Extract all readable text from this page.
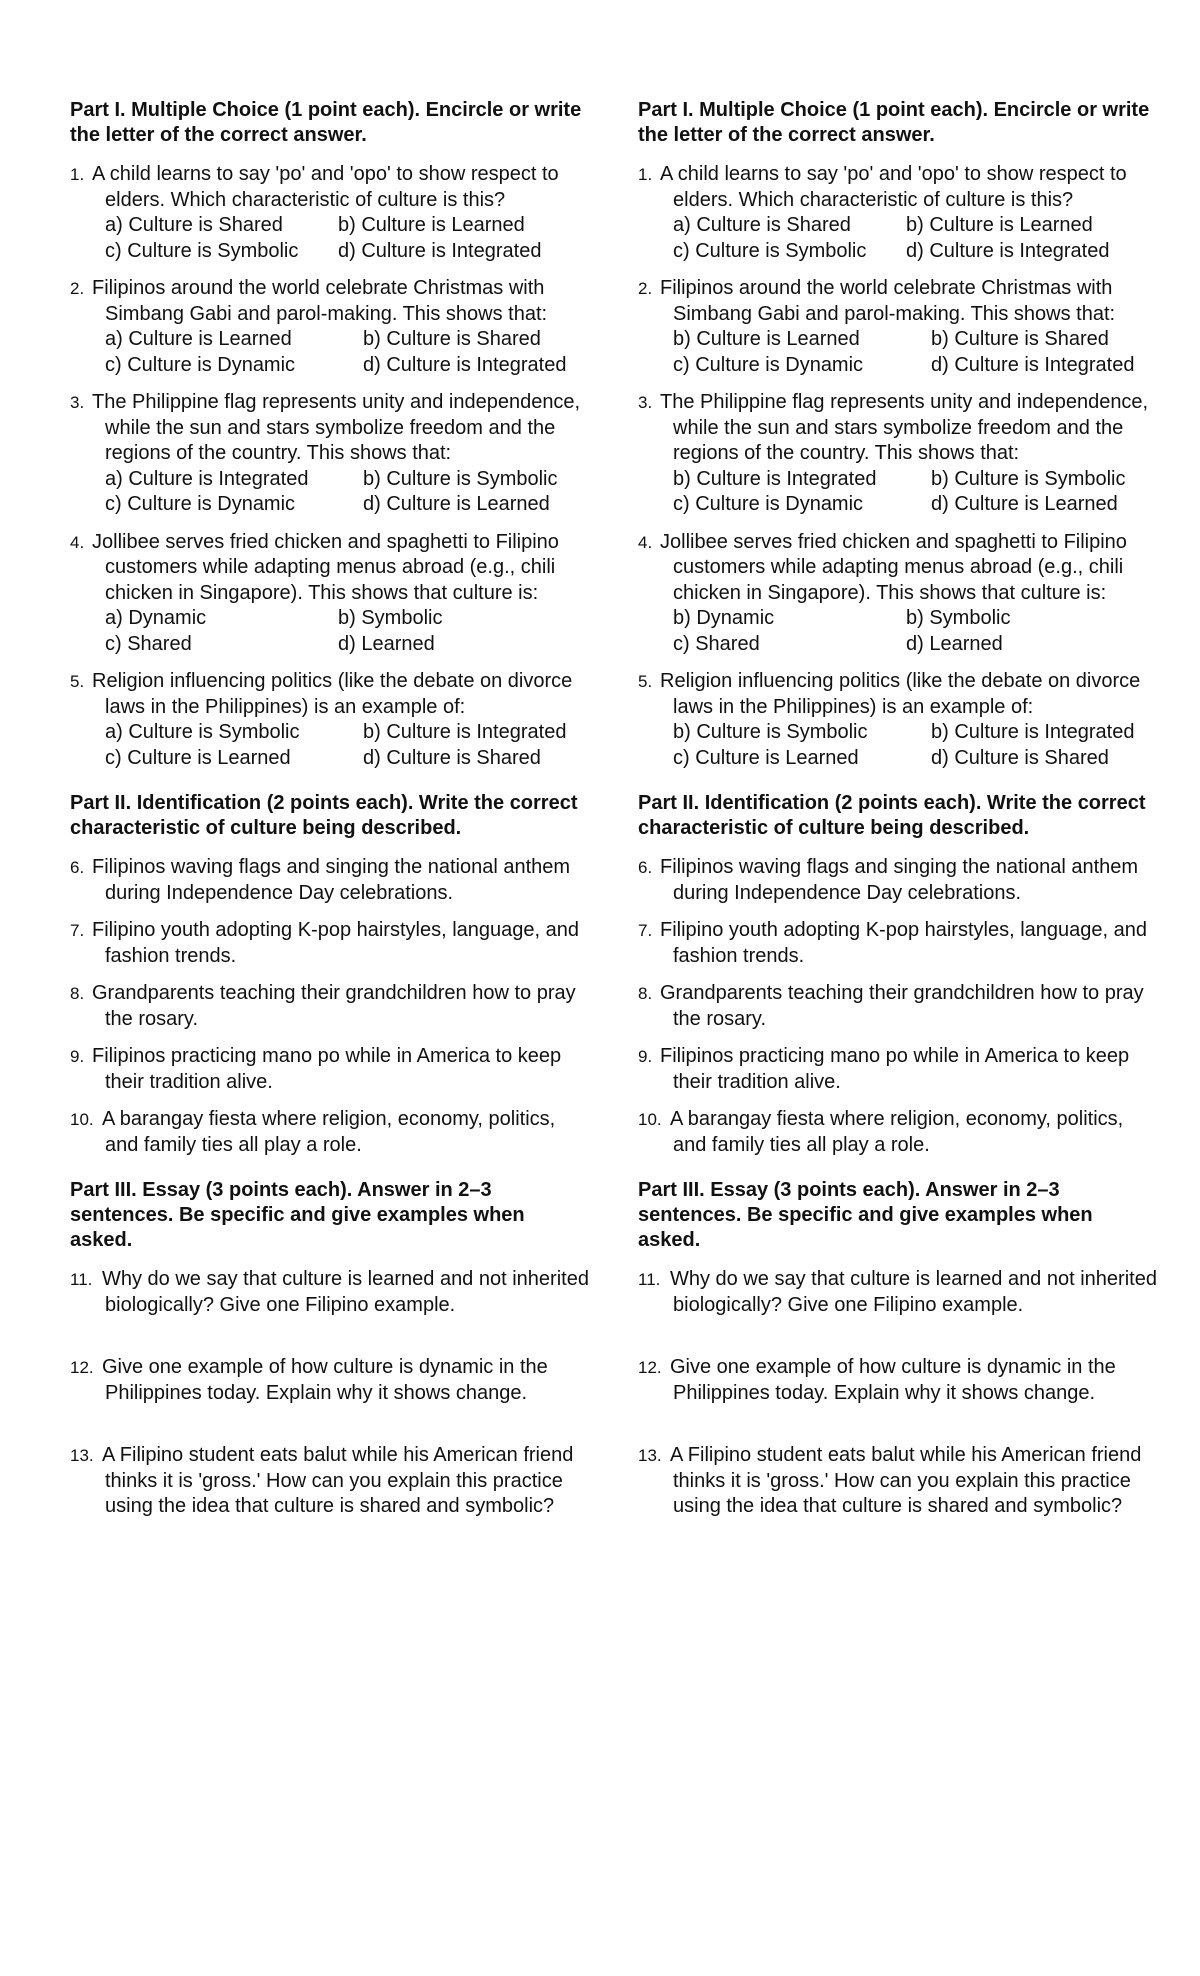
Part I. Multiple Choice (1 point each). Encircle or write the letter of the correct answer.
1. A child learns to say 'po' and 'opo' to show respect to elders. Which characteristic of culture is this?
a) Culture is Shared	b) Culture is Learned
c) Culture is Symbolic	d) Culture is Integrated
2. Filipinos around the world celebrate Christmas with Simbang Gabi and parol-making. This shows that:
a) Culture is Learned	b) Culture is Shared
c) Culture is Dynamic	d) Culture is Integrated
3. The Philippine flag represents unity and independence, while the sun and stars symbolize freedom and the regions of the country. This shows that:
a) Culture is Integrated	b) Culture is Symbolic
c) Culture is Dynamic	d) Culture is Learned
4. Jollibee serves fried chicken and spaghetti to Filipino customers while adapting menus abroad (e.g., chili chicken in Singapore). This shows that culture is:
a) Dynamic	b) Symbolic
c) Shared	d) Learned
5. Religion influencing politics (like the debate on divorce laws in the Philippines) is an example of:
a) Culture is Symbolic	b) Culture is Integrated
c) Culture is Learned	d) Culture is Shared
Part II. Identification (2 points each). Write the correct characteristic of culture being described.
6. Filipinos waving flags and singing the national anthem during Independence Day celebrations.
7. Filipino youth adopting K-pop hairstyles, language, and fashion trends.
8. Grandparents teaching their grandchildren how to pray the rosary.
9. Filipinos practicing mano po while in America to keep their tradition alive.
10. A barangay fiesta where religion, economy, politics, and family ties all play a role.
Part III. Essay (3 points each). Answer in 2–3 sentences. Be specific and give examples when asked.
11. Why do we say that culture is learned and not inherited biologically? Give one Filipino example.
12. Give one example of how culture is dynamic in the Philippines today. Explain why it shows change.
13. A Filipino student eats balut while his American friend thinks it is 'gross.' How can you explain this practice using the idea that culture is shared and symbolic?
Part I. Multiple Choice (1 point each). Encircle or write the letter of the correct answer.
1. A child learns to say 'po' and 'opo' to show respect to elders. Which characteristic of culture is this?
a) Culture is Shared	b) Culture is Learned
c) Culture is Symbolic	d) Culture is Integrated
2. Filipinos around the world celebrate Christmas with Simbang Gabi and parol-making. This shows that:
b) Culture is Learned	b) Culture is Shared
c) Culture is Dynamic	d) Culture is Integrated
3. The Philippine flag represents unity and independence, while the sun and stars symbolize freedom and the regions of the country. This shows that:
b) Culture is Integrated	b) Culture is Symbolic
c) Culture is Dynamic	d) Culture is Learned
4. Jollibee serves fried chicken and spaghetti to Filipino customers while adapting menus abroad (e.g., chili chicken in Singapore). This shows that culture is:
b) Dynamic	b) Symbolic
c) Shared	d) Learned
5. Religion influencing politics (like the debate on divorce laws in the Philippines) is an example of:
b) Culture is Symbolic	b) Culture is Integrated
c) Culture is Learned	d) Culture is Shared
Part II. Identification (2 points each). Write the correct characteristic of culture being described.
6. Filipinos waving flags and singing the national anthem during Independence Day celebrations.
7. Filipino youth adopting K-pop hairstyles, language, and fashion trends.
8. Grandparents teaching their grandchildren how to pray the rosary.
9. Filipinos practicing mano po while in America to keep their tradition alive.
10. A barangay fiesta where religion, economy, politics, and family ties all play a role.
Part III. Essay (3 points each). Answer in 2–3 sentences. Be specific and give examples when asked.
11. Why do we say that culture is learned and not inherited biologically? Give one Filipino example.
12. Give one example of how culture is dynamic in the Philippines today. Explain why it shows change.
13. A Filipino student eats balut while his American friend thinks it is 'gross.' How can you explain this practice using the idea that culture is shared and symbolic?
